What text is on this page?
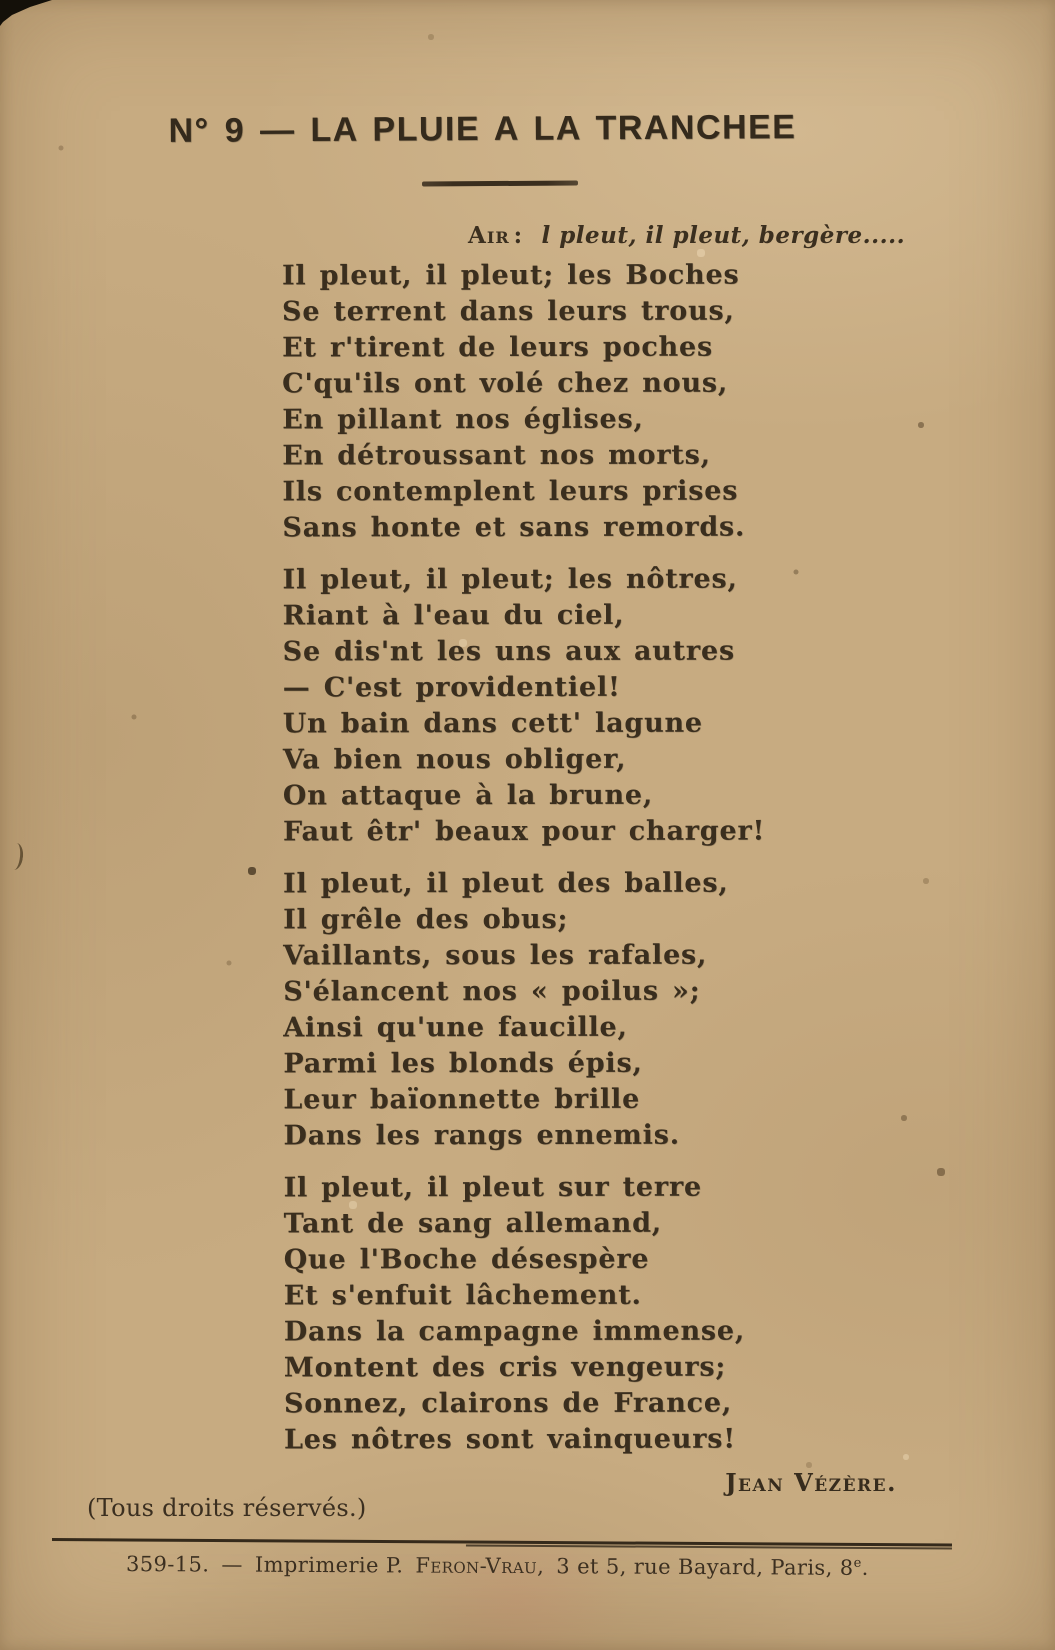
N° 9 — LA PLUIE A LA TRANCHEE
Air : l pleut, il pleut, bergère.....
Il pleut, il pleut; les Boches
Se terrent dans leurs trous,
Et r'tirent de leurs poches
C'qu'ils ont volé chez nous,
En pillant nos églises,
En détroussant nos morts,
Ils contemplent leurs prises
Sans honte et sans remords.
Il pleut, il pleut; les nôtres,
Riant à l'eau du ciel,
Se dis'nt les uns aux autres
— C'est providentiel!
Un bain dans cett' lagune
Va bien nous obliger,
On attaque à la brune,
Faut êtr' beaux pour charger!
Il pleut, il pleut des balles,
Il grêle des obus;
Vaillants, sous les rafales,
S'élancent nos « poilus »;
Ainsi qu'une faucille,
Parmi les blonds épis,
Leur baïonnette brille
Dans les rangs ennemis.
Il pleut, il pleut sur terre
Tant de sang allemand,
Que l'Boche désespère
Et s'enfuit lâchement.
Dans la campagne immense,
Montent des cris vengeurs;
Sonnez, clairons de France,
Les nôtres sont vainqueurs!
Jean Vézère.
(Tous droits réservés.)
359-15. — Imprimerie P. Feron-Vrau, 3 et 5, rue Bayard, Paris, 8e.
